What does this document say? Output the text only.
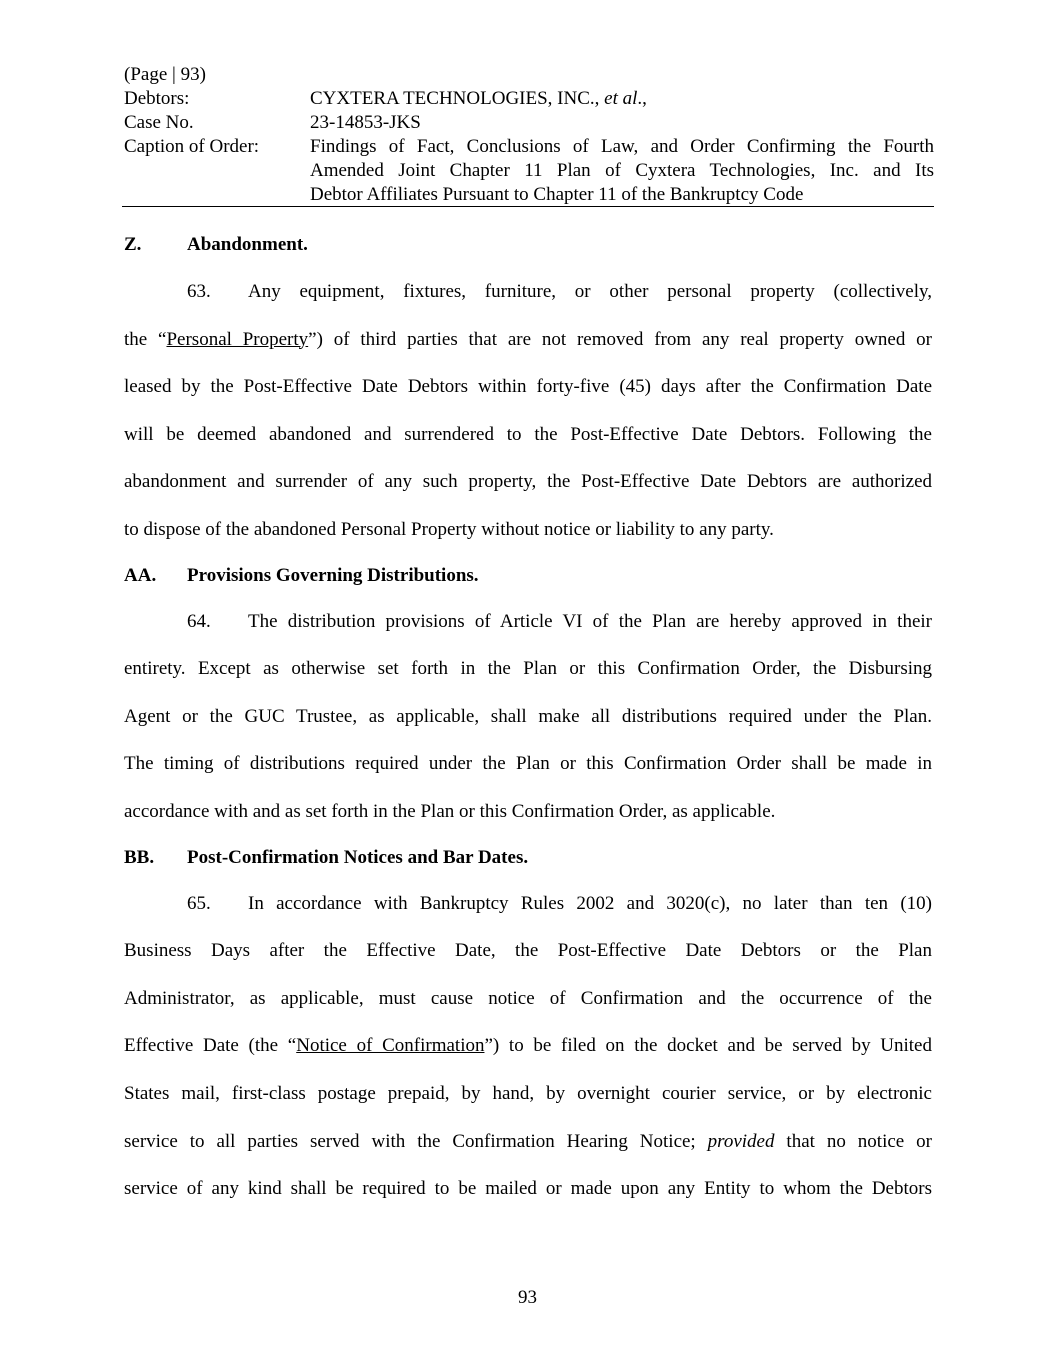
(Page | 93)
Debtors:	CYXTERA TECHNOLOGIES, INC., et al.,
Case No.	23-14853-JKS
Caption of Order:	Findings of Fact, Conclusions of Law, and Order Confirming the Fourth
Amended Joint Chapter 11 Plan of Cyxtera Technologies, Inc. and Its
Debtor Affiliates Pursuant to Chapter 11 of the Bankruptcy Code
Z.	Abandonment.
63. Any equipment, fixtures, furniture, or other personal property (collectively,
the “Personal Property”) of third parties that are not removed from any real property owned or
leased by the Post-Effective Date Debtors within forty-five (45) days after the Confirmation Date
will be deemed abandoned and surrendered to the Post-Effective Date Debtors. Following the
abandonment and surrender of any such property, the Post-Effective Date Debtors are authorized
to dispose of the abandoned Personal Property without notice or liability to any party.
AA.	Provisions Governing Distributions.
64. The distribution provisions of Article VI of the Plan are hereby approved in their
entirety. Except as otherwise set forth in the Plan or this Confirmation Order, the Disbursing
Agent or the GUC Trustee, as applicable, shall make all distributions required under the Plan.
The timing of distributions required under the Plan or this Confirmation Order shall be made in
accordance with and as set forth in the Plan or this Confirmation Order, as applicable.
BB.	Post-Confirmation Notices and Bar Dates.
65. In accordance with Bankruptcy Rules 2002 and 3020(c), no later than ten (10)
Business Days after the Effective Date, the Post-Effective Date Debtors or the Plan
Administrator, as applicable, must cause notice of Confirmation and the occurrence of the
Effective Date (the “Notice of Confirmation”) to be filed on the docket and be served by United
States mail, first-class postage prepaid, by hand, by overnight courier service, or by electronic
service to all parties served with the Confirmation Hearing Notice; provided that no notice or
service of any kind shall be required to be mailed or made upon any Entity to whom the Debtors
93
